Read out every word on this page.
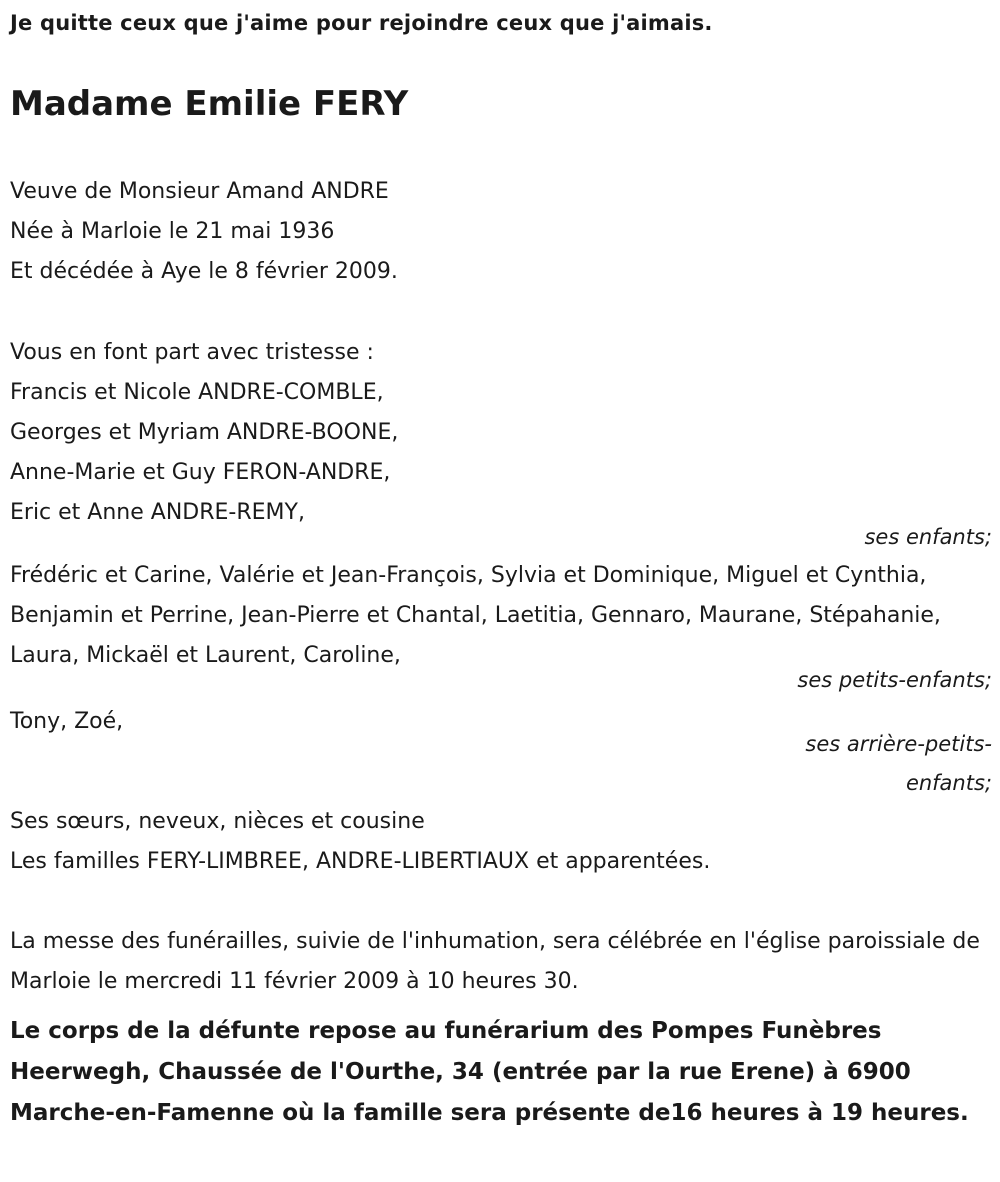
Je quitte ceux que j'aime pour rejoindre ceux que j'aimais.
Madame Emilie FERY
Veuve de Monsieur Amand ANDRE
Née à Marloie le 21 mai 1936
Et décédée à Aye le 8 février 2009.
Vous en font part avec tristesse :
Francis et Nicole ANDRE-COMBLE,
Georges et Myriam ANDRE-BOONE,
Anne-Marie et Guy FERON-ANDRE,
Eric et Anne ANDRE-REMY,
ses enfants;
Frédéric et Carine, Valérie et Jean-François, Sylvia et Dominique, Miguel et Cynthia, Benjamin et Perrine, Jean-Pierre et Chantal, Laetitia, Gennaro, Maurane, Stépahanie, Laura, Mickaël et Laurent, Caroline,
ses petits-enfants;
Tony, Zoé,
ses arrière-petits-
enfants;
Ses sœurs, neveux, nièces et cousine
Les familles FERY-LIMBREE, ANDRE-LIBERTIAUX et apparentées.
La messe des funérailles, suivie de l'inhumation, sera célébrée en l'église paroissiale de Marloie le mercredi 11 février 2009 à 10 heures 30.
Le corps de la défunte repose au funérarium des Pompes Funèbres Heerwegh, Chaussée de l'Ourthe, 34 (entrée par la rue Erene) à 6900 Marche-en-Famenne où la famille sera présente de16 heures à 19 heures.
